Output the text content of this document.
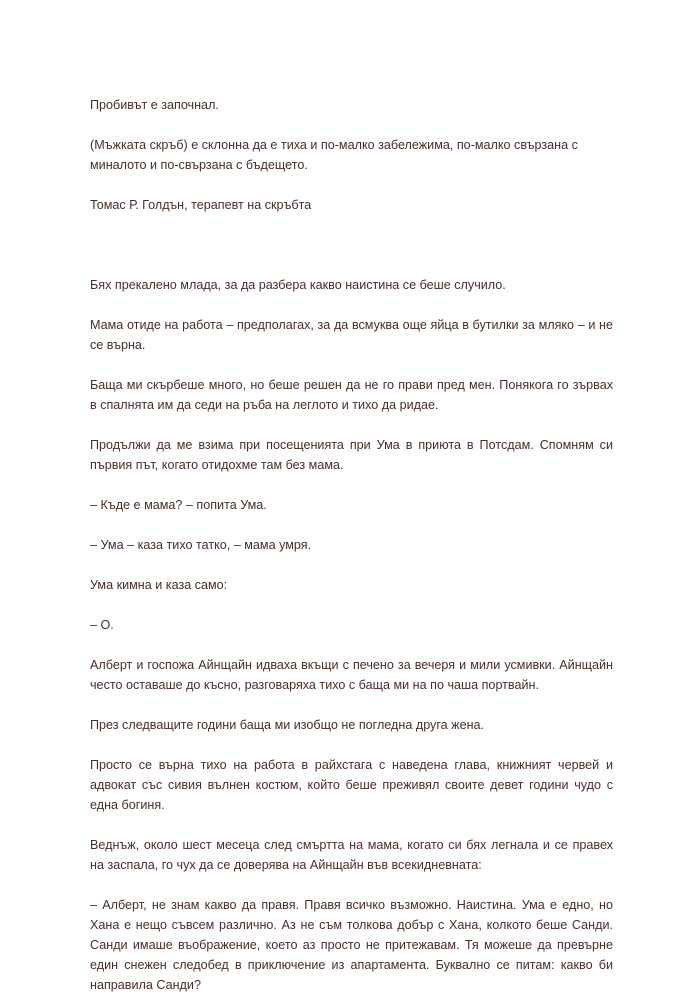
Пробивът е започнал.

(Мъжката скръб) е склонна да е тиха и по-малко забележима, по-малко свързана с миналото и по-свързана с бъдещето.

Томас Р. Голдън, терапевт на скръбта

Бях прекалено млада, за да разбера какво наистина се беше случило.

Мама отиде на работа – предполагах, за да всмуква още яйца в бутилки за мляко – и не се върна.

Баща ми скърбеше много, но беше решен да не го прави пред мен. Понякога го зървах в спалнята им да седи на ръба на леглото и тихо да ридае.

Продължи да ме взима при посещенията при Ума в приюта в Потсдам. Спомням си първия път, когато отидохме там без мама.

– Къде е мама? – попита Ума.

– Ума – каза тихо татко, – мама умря.

Ума кимна и каза само:

– О.

Алберт и госпожа Айнщайн идваха вкъщи с печено за вечеря и мили усмивки. Айнщайн често оставаше до късно, разговаряха тихо с баща ми на по чаша портвайн.

През следващите години баща ми изобщо не погледна друга жена.

Просто се върна тихо на работа в райхстага с наведена глава, книжният червей и адвокат със сивия вълнен костюм, който беше преживял своите девет години чудо с една богиня.

Веднъж, около шест месеца след смъртта на мама, когато си бях легнала и се правех на заспала, го чух да се доверява на Айнщайн във всекидневната:

– Алберт, не знам какво да правя. Правя всичко възможно. Наистина. Ума е едно, но Хана е нещо съвсем различно. Аз не съм толкова добър с Хана, колкото беше Санди. Санди имаше въображение, което аз просто не притежавам. Тя можеше да превърне един снежен следобед в приключение из апартамента. Буквално се питам: какво би направила Санди?
